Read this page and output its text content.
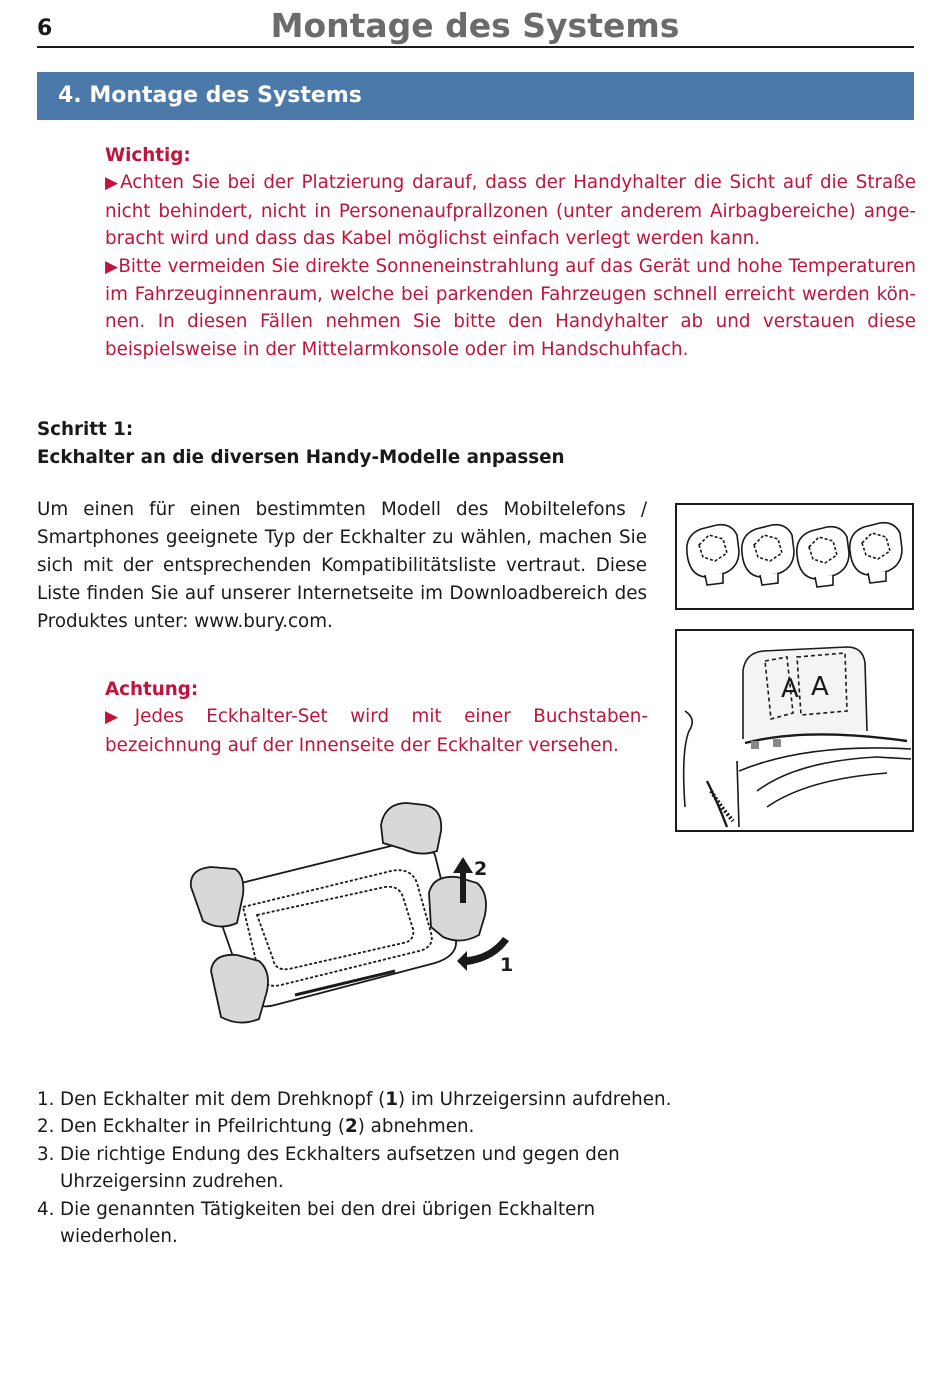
6	Montage des Systems
4. Montage des Systems
Wichtig:

▶Achten Sie bei der Platzierung darauf, dass der Handyhalter die Sicht auf die Straße nicht behindert, nicht in Personenaufprallzonen (unter anderem Airbagbereiche) angebracht wird und dass das Kabel möglichst einfach verlegt werden kann.

▶Bitte vermeiden Sie direkte Sonneneinstrahlung auf das Gerät und hohe Temperaturen im Fahrzeuginnenraum, welche bei parkenden Fahrzeugen schnell erreicht werden können. In diesen Fällen nehmen Sie bitte den Handyhalter ab und verstauen diese beispielsweise in der Mittelarmkonsole oder im Handschuhfach.

Schritt 1:
Eckhalter an die diversen Handy-Modelle anpassen

Um einen für einen bestimmten Modell des Mobiltelefons / Smartphones geeignete Typ der Eckhalter zu wählen, machen Sie sich mit der entsprechenden Kompatibilitätsliste vertraut. Diese Liste finden Sie auf unserer Internetseite im Downloadbereich des Produktes unter: www.bury.com.

Achtung:

▶Jedes Eckhalter-Set wird mit einer Buchstabenbezeichnung auf der Innenseite der Eckhalter versehen.

A A
2
1
1. Den Eckhalter mit dem Drehknopf (1) im Uhrzeigersinn aufdrehen.
2. Den Eckhalter in Pfeilrichtung (2) abnehmen.
3. Die richtige Endung des Eckhalters aufsetzen und gegen den Uhrzeigersinn zudrehen.
4. Die genannten Tätigkeiten bei den drei übrigen Eckhaltern wiederholen.
